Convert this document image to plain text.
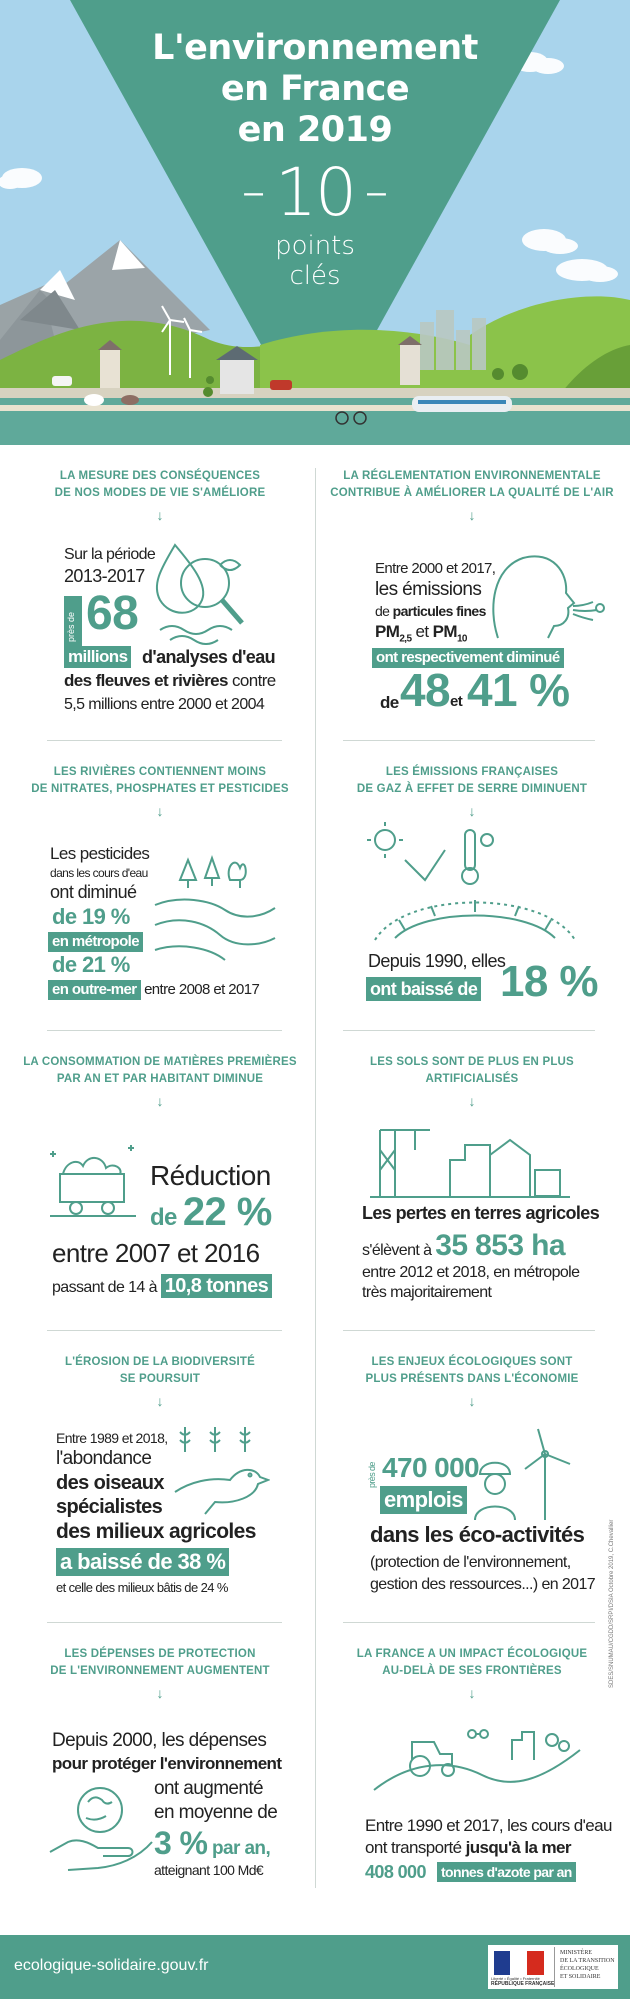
L'environnement
en France
en 2019
– 10 –
points
clés
LA MESURE DES CONSÉQUENCES
DE NOS MODES DE VIE S'AMÉLIORE
↓
Sur la période
2013-2017
près de 68
millions d'analyses d'eau
des fleuves et rivières contre
5,5 millions entre 2000 et 2004
LA RÉGLEMENTATION ENVIRONNEMENTALE
CONTRIBUE À AMÉLIORER LA QUALITÉ DE L'AIR
↓
Entre 2000 et 2017,
les émissions
de particules fines
$PM_{2,5}$ et $PM_{10}$
ont respectivement diminué
de 48 et 41 %
LES RIVIÈRES CONTIENNENT MOINS
DE NITRATES, PHOSPHATES ET PESTICIDES
↓
Les pesticides
dans les cours d'eau
ont diminué
de 19 %
en métropole
de 21 %
en outre-mer entre 2008 et 2017
LES ÉMISSIONS FRANÇAISES
DE GAZ À EFFET DE SERRE DIMINUENT
↓
Depuis 1990, elles
ont baissé de 18 %
LA CONSOMMATION DE MATIÈRES PREMIÈRES
PAR AN ET PAR HABITANT DIMINUE
↓
Réduction
de 22 %
entre 2007 et 2016
passant de 14 à 10,8 tonnes
LES SOLS SONT DE PLUS EN PLUS
ARTIFICIALISÉS
↓
Les pertes en terres agricoles
s'élèvent à 35 853 ha
entre 2012 et 2018, en métropole
très majoritairement
L'ÉROSION DE LA BIODIVERSITÉ
SE POURSUIT
↓
Entre 1989 et 2018,
l'abondance
des oiseaux
spécialistes
des milieux agricoles
a baissé de 38 %
et celle des milieux bâtis de 24 %
LES ENJEUX ÉCOLOGIQUES SONT
PLUS PRÉSENTS DANS L'ÉCONOMIE
↓
près de 470 000
emplois
dans les éco-activités
(protection de l'environnement,
gestion des ressources...) en 2017
LES DÉPENSES DE PROTECTION
DE L'ENVIRONNEMENT AUGMENTENT
↓
Depuis 2000, les dépenses
pour protéger l'environnement
ont augmenté
en moyenne de
3 % par an,
atteignant 100 Md€
LA FRANCE A UN IMPACT ÉCOLOGIQUE
AU-DELÀ DE SES FRONTIÈRES
↓
Entre 1990 et 2017, les cours d'eau
ont transporté jusqu'à la mer
408 000 tonnes d'azote par an
SDES/SNUMAU/CGDD/SRPI/DSIA Octobre 2019, C.Chevallier
ecologique-solidaire.gouv.fr
Liberté • Égalité • Fraternité
RÉPUBLIQUE FRANÇAISE
MINISTÈRE
DE LA TRANSITION
ÉCOLOGIQUE
ET SOLIDAIRE
